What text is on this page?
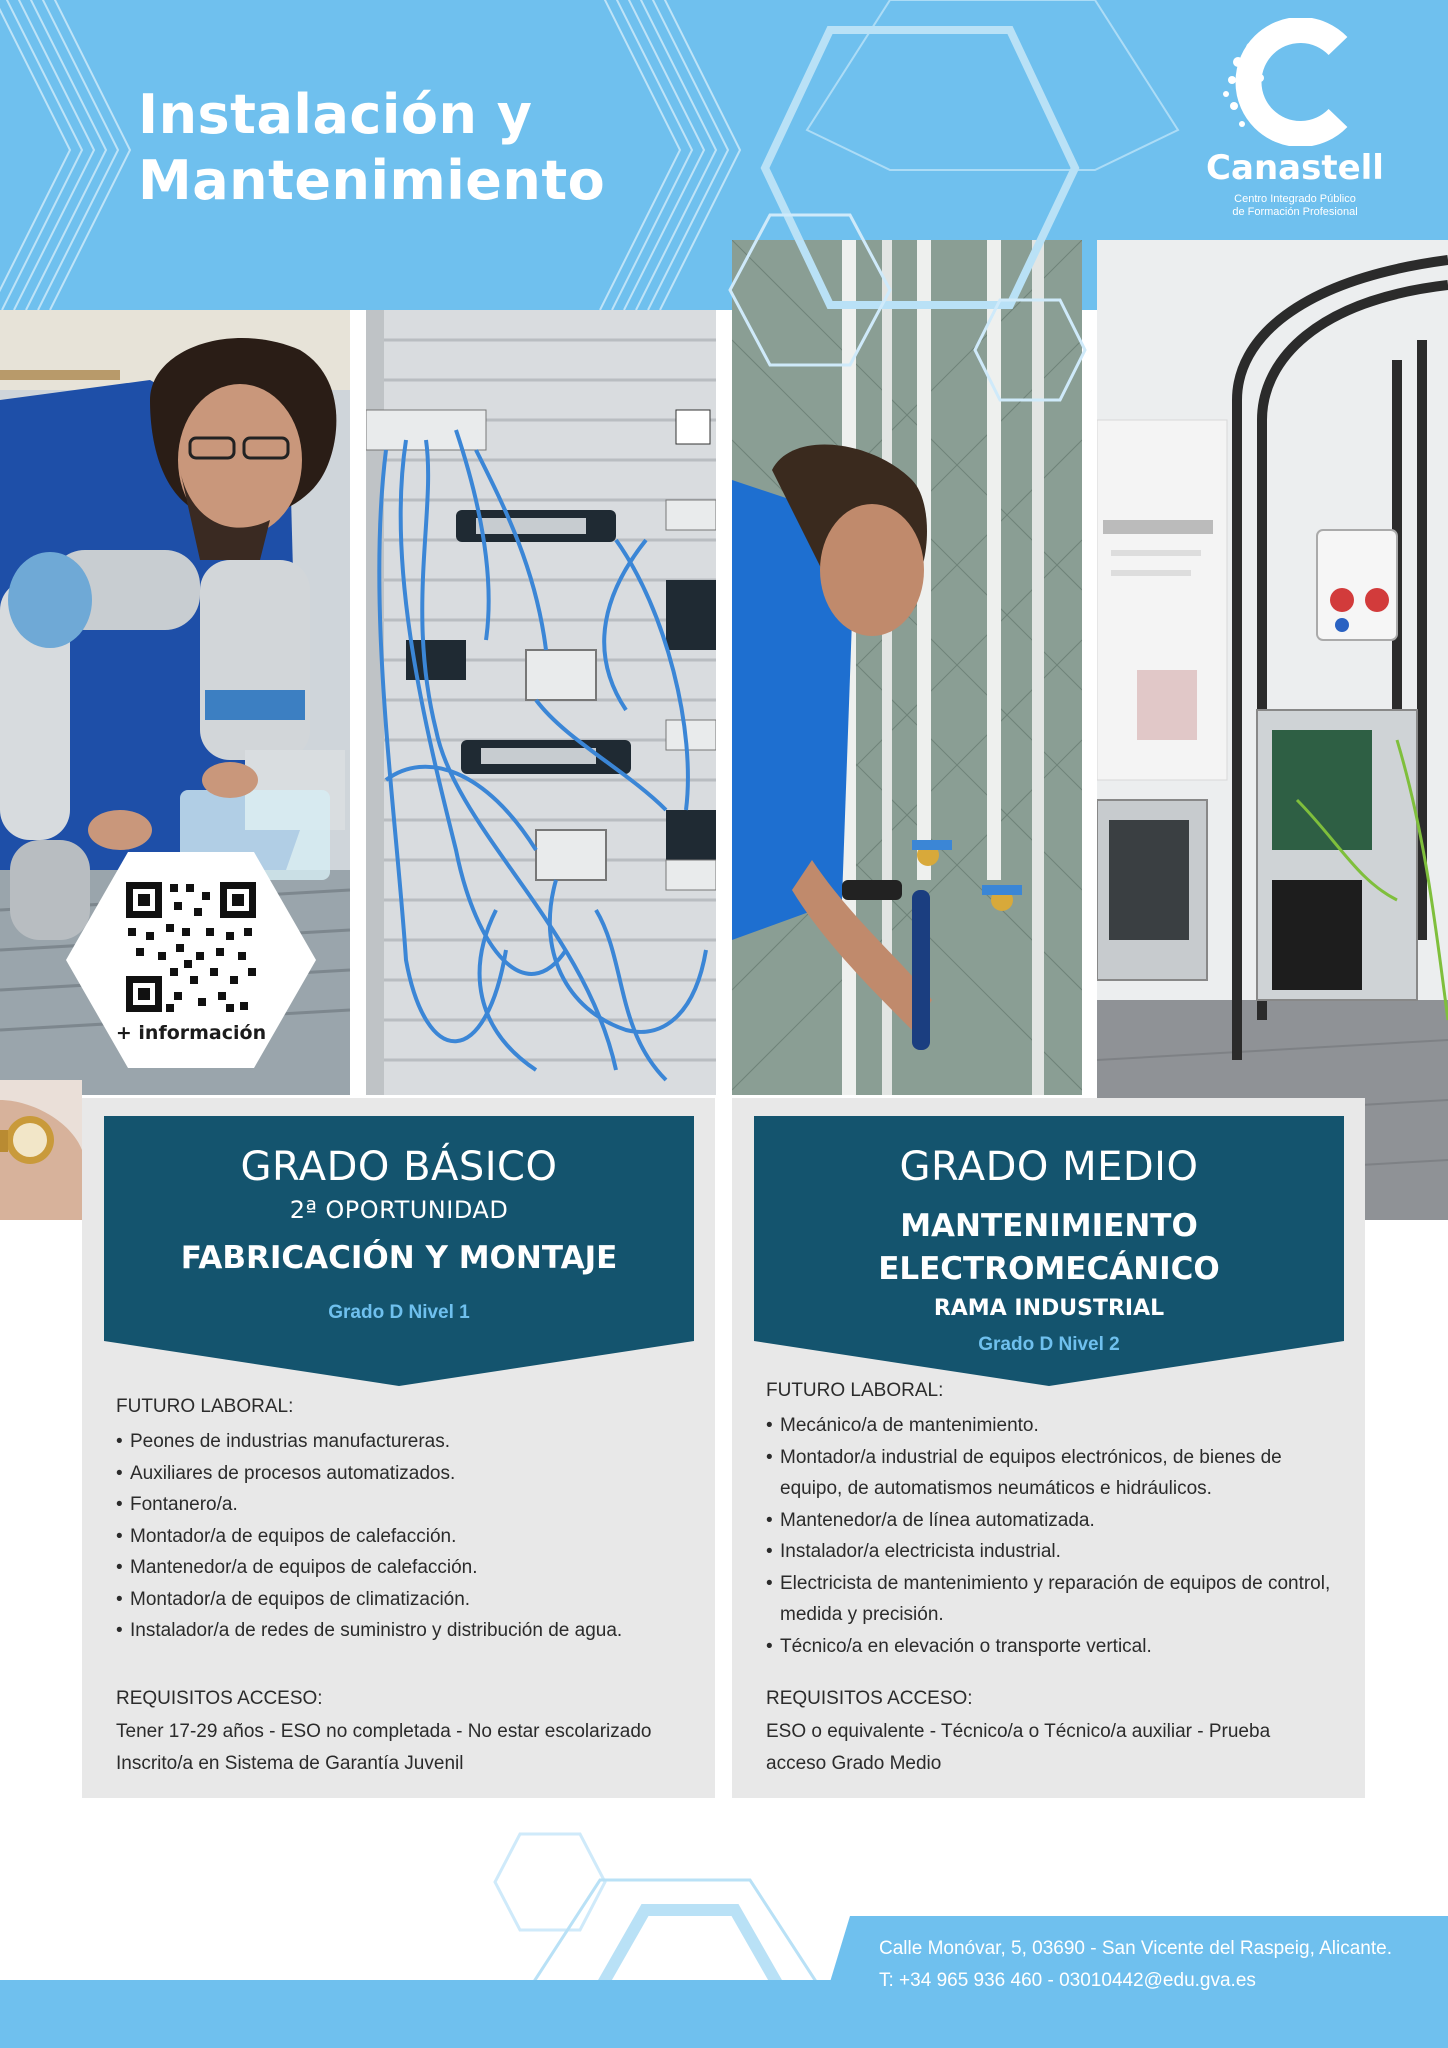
Instalación y
Mantenimiento	Canastell
Centro Integrado Público
de Formación Profesional
+ información
GRADO BÁSICO
2ª OPORTUNIDAD
FABRICACIÓN Y MONTAJE
Grado D Nivel 1
FUTURO LABORAL:
• Peones de industrias manufactureras.
• Auxiliares de procesos automatizados.
• Fontanero/a.
• Montador/a de equipos de calefacción.
• Mantenedor/a de equipos de calefacción.
• Montador/a de equipos de climatización.
• Instalador/a de redes de suministro y distribución de agua.
REQUISITOS ACCESO:
Tener 17-29 años - ESO no completada - No estar escolarizado
Inscrito/a en Sistema de Garantía Juvenil
GRADO MEDIO
MANTENIMIENTO
ELECTROMECÁNICO
RAMA INDUSTRIAL
Grado D Nivel 2
FUTURO LABORAL:
• Mecánico/a de mantenimiento.
• Montador/a industrial de equipos electrónicos, de bienes de equipo, de automatismos neumáticos e hidráulicos.
• Mantenedor/a de línea automatizada.
• Instalador/a electricista industrial.
• Electricista de mantenimiento y reparación de equipos de control, medida y precisión.
• Técnico/a en elevación o transporte vertical.
REQUISITOS ACCESO:
ESO o equivalente - Técnico/a o Técnico/a auxiliar - Prueba
acceso Grado Medio
Calle Monóvar, 5, 03690 - San Vicente del Raspeig, Alicante.
T: +34 965 936 460 - 03010442@edu.gva.es
